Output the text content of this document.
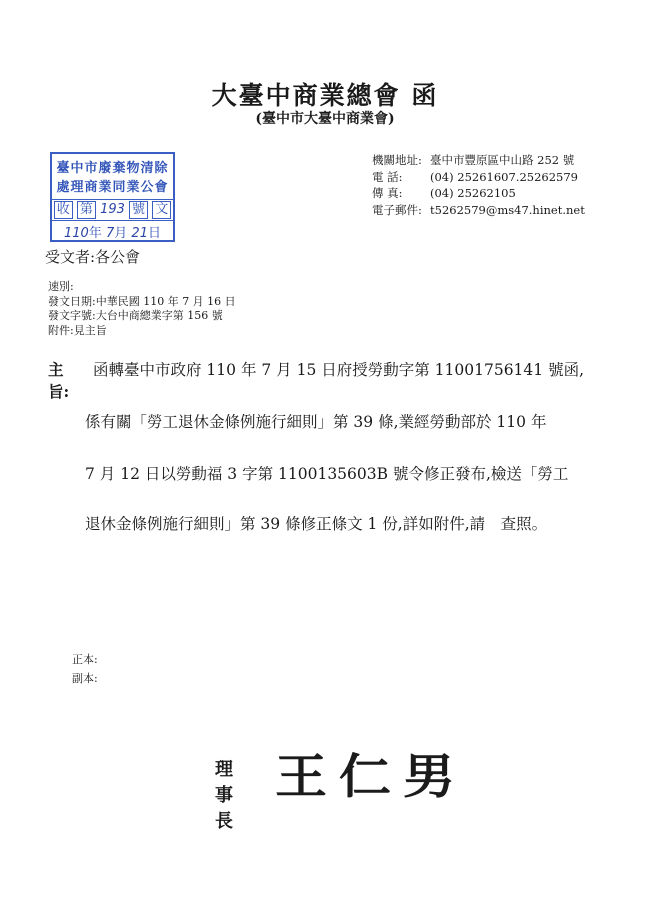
大臺中商業總會 函
(臺中市大臺中商業會)
臺中市廢棄物清除
處理商業同業公會
收 第 193 號 文
110年 7月 21日
機關地址: 臺中市豐原區中山路 252 號
電 話: (04) 25261607.25262579
傳 真: (04) 25262105
電子郵件: t5262579@ms47.hinet.net
受文者:各公會
速別:
發文日期:中華民國 110 年 7 月 16 日
發文字號:大台中商總業字第 156 號
附件:見主旨
主旨:
函轉臺中市政府 110 年 7 月 15 日府授勞動字第 11001756141 號函,
係有關「勞工退休金條例施行細則」第 39 條,業經勞動部於 110 年
7 月 12 日以勞動福 3 字第 1100135603B 號令修正發布,檢送「勞工
退休金條例施行細則」第 39 條修正條文 1 份,詳如附件,請　查照。
正本:
副本:
理事長
王仁男
